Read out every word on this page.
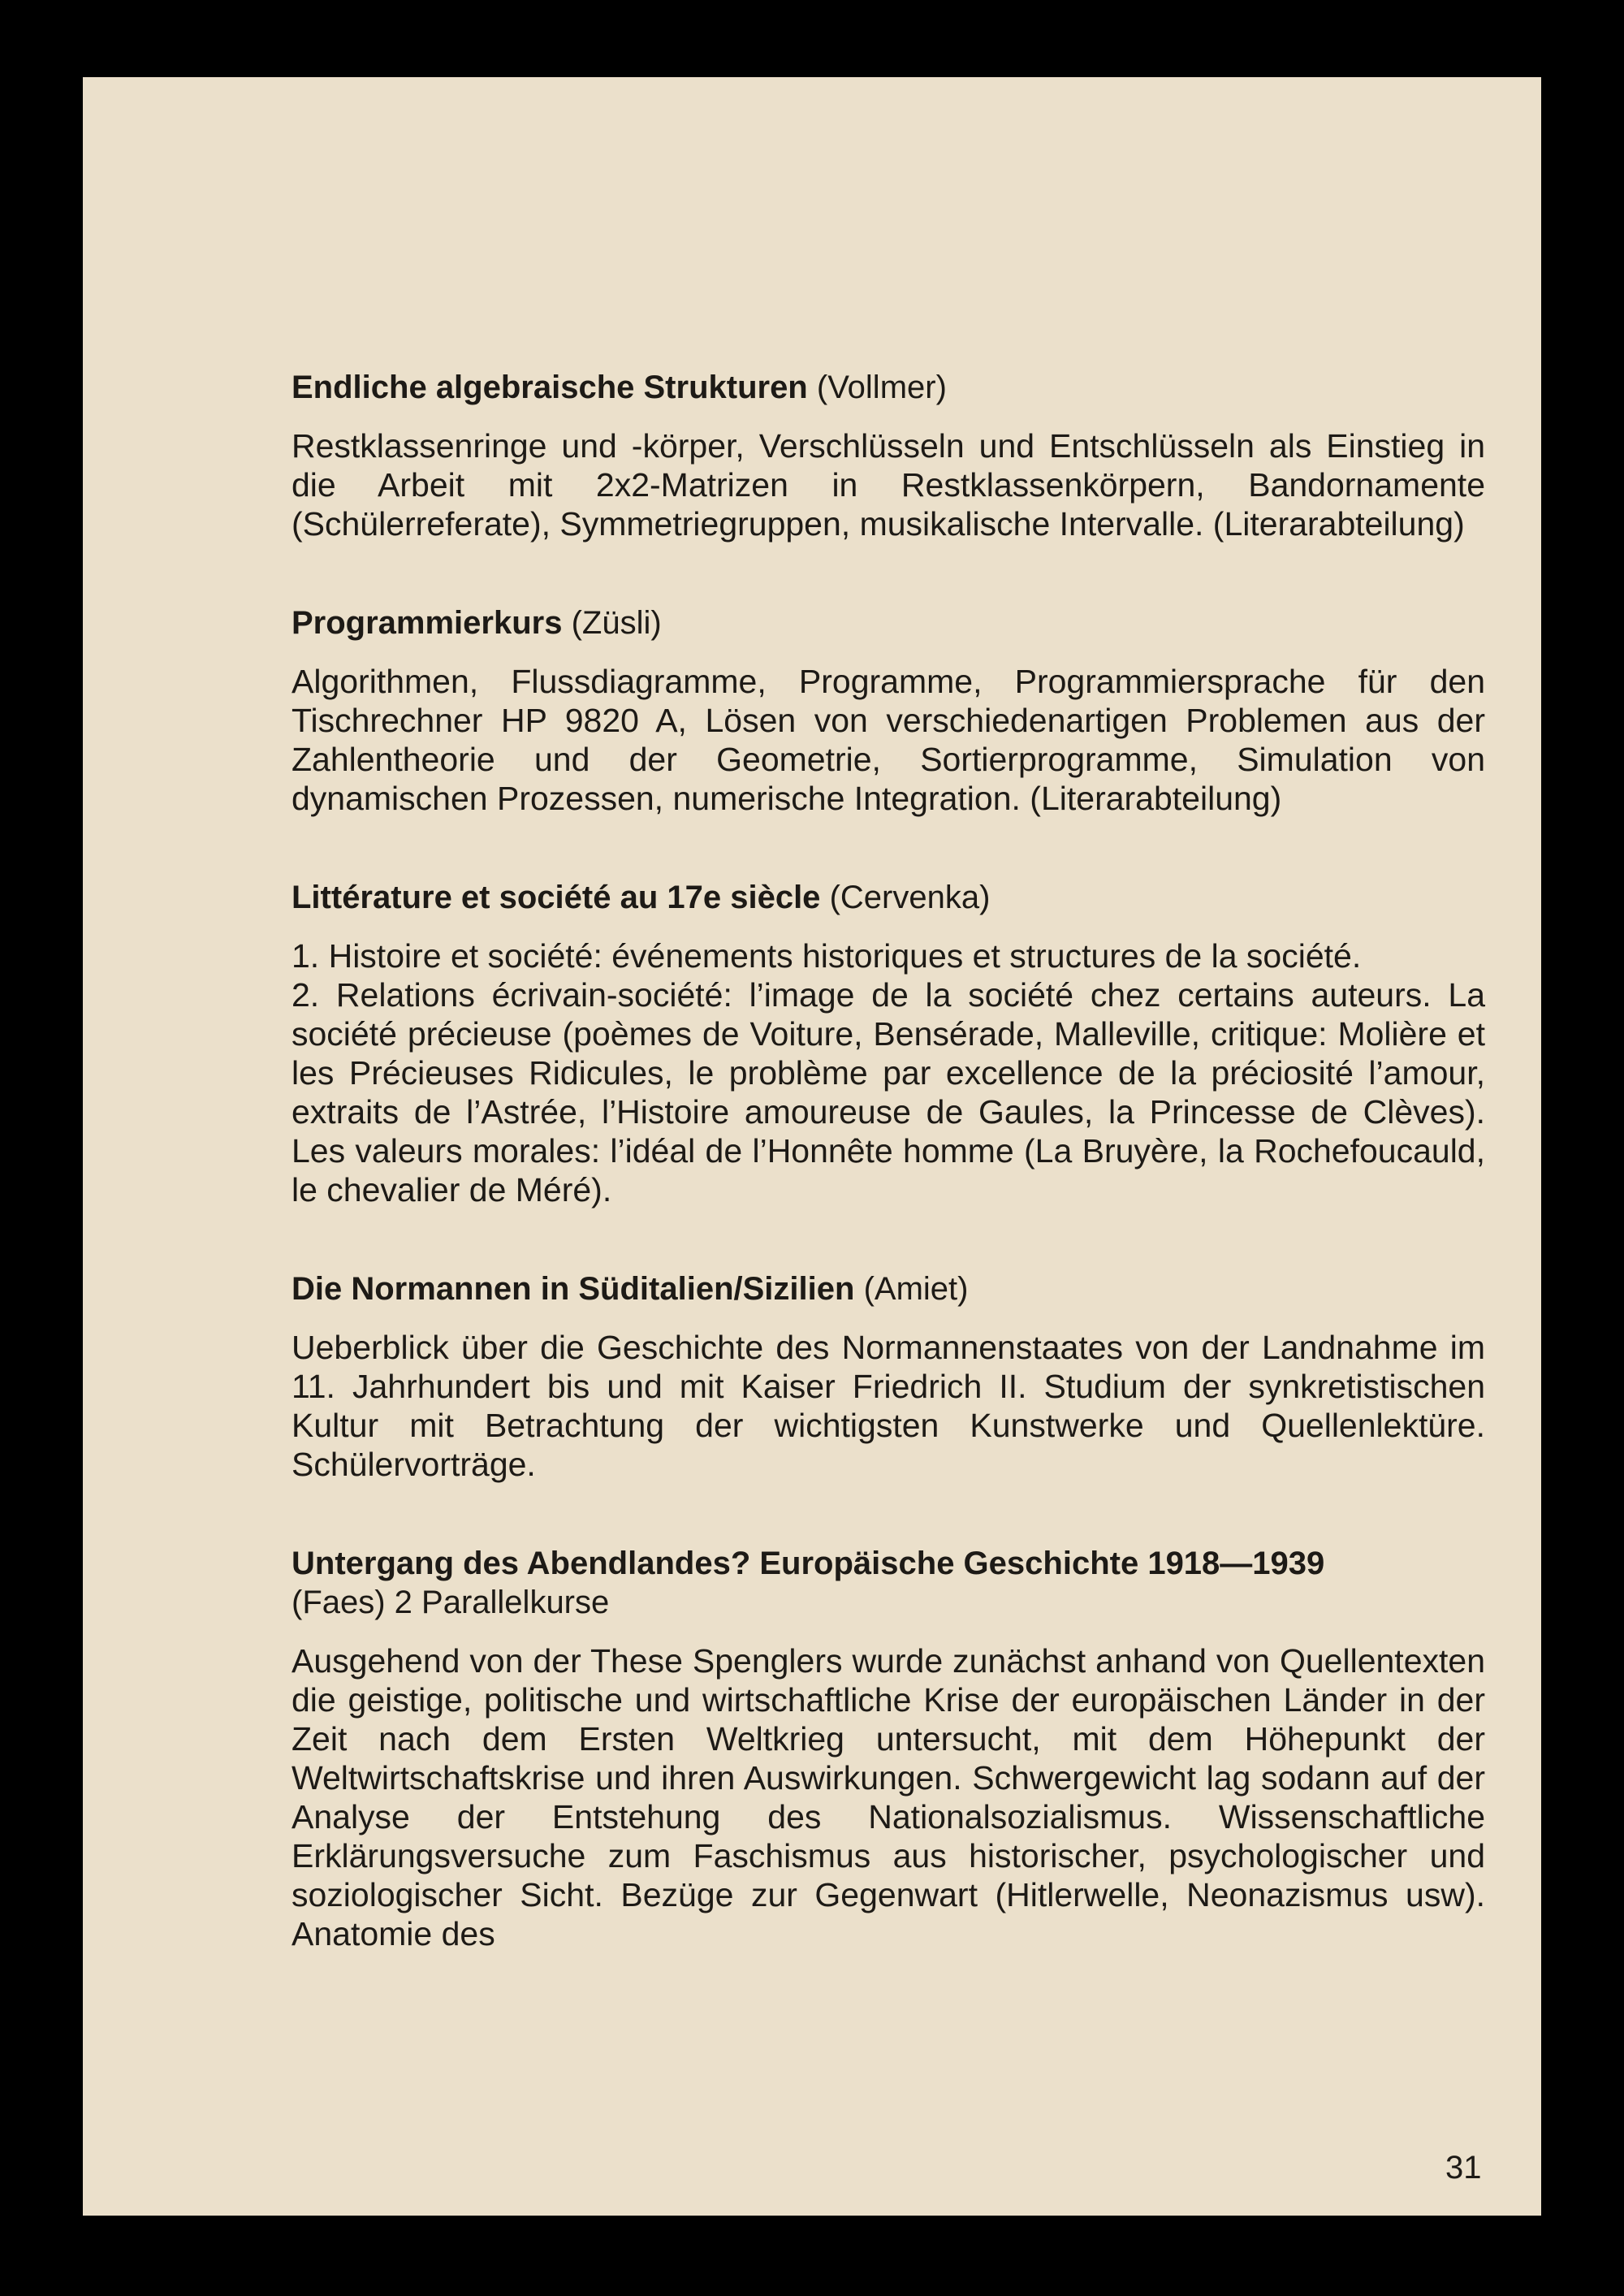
Endliche algebraische Strukturen (Vollmer)

Restklassenringe und -körper, Verschlüsseln und Entschlüsseln als Einstieg in die Arbeit mit 2x2-Matrizen in Restklassenkörpern, Bandornamente (Schülerreferate), Symmetriegruppen, musikalische Intervalle. (Literarabteilung)

Programmierkurs (Züsli)

Algorithmen, Flussdiagramme, Programme, Programmiersprache für den Tischrechner HP 9820 A, Lösen von verschiedenartigen Problemen aus der Zahlentheorie und der Geometrie, Sortierprogramme, Simulation von dynamischen Prozessen, numerische Integration. (Literarabteilung)

Littérature et société au 17e siècle (Cervenka)

1. Histoire et société: événements historiques et structures de la société.

2. Relations écrivain-société: l’image de la société chez certains auteurs. La société précieuse (poèmes de Voiture, Bensérade, Malleville, critique: Molière et les Précieuses Ridicules, le problème par excellence de la préciosité l’amour, extraits de l’Astrée, l’Histoire amoureuse de Gaules, la Princesse de Clèves). Les valeurs morales: l’idéal de l’Honnête homme (La Bruyère, la Rochefoucauld, le chevalier de Méré).

Die Normannen in Süditalien/Sizilien (Amiet)

Ueberblick über die Geschichte des Normannenstaates von der Landnahme im 11. Jahrhundert bis und mit Kaiser Friedrich II. Studium der synkretistischen Kultur mit Betrachtung der wichtigsten Kunstwerke und Quellenlektüre. Schülervorträge.

Untergang des Abendlandes? Europäische Geschichte 1918—1939
(Faes) 2 Parallelkurse

Ausgehend von der These Spenglers wurde zunächst anhand von Quellentexten die geistige, politische und wirtschaftliche Krise der europäischen Länder in der Zeit nach dem Ersten Weltkrieg untersucht, mit dem Höhepunkt der Weltwirtschaftskrise und ihren Auswirkungen. Schwergewicht lag sodann auf der Analyse der Entstehung des Nationalsozialismus. Wissenschaftliche Erklärungsversuche zum Faschismus aus historischer, psychologischer und soziologischer Sicht. Bezüge zur Gegenwart (Hitlerwelle, Neonazismus usw). Anatomie des

31
